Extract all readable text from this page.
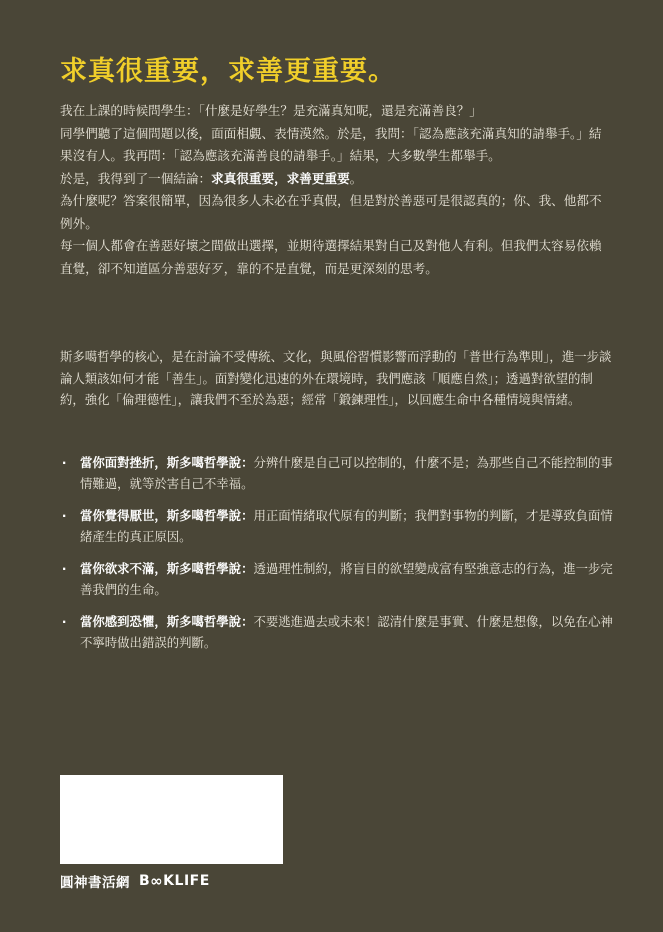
求真很重要，求善更重要。

我在上課的時候問學生：「什麼是好學生？是充滿真知呢，還是充滿善良？」

同學們聽了這個問題以後，面面相覷、表情漠然。於是，我問：「認為應該充滿真知的請舉手。」結果沒有人。我再問：「認為應該充滿善良的請舉手。」結果，大多數學生都舉手。

於是，我得到了一個結論：求真很重要，求善更重要。

為什麼呢？答案很簡單，因為很多人未必在乎真假，但是對於善惡可是很認真的；你、我、他都不例外。

每一個人都會在善惡好壞之間做出選擇，並期待選擇結果對自己及對他人有利。但我們太容易依賴直覺，卻不知道區分善惡好歹，靠的不是直覺，而是更深刻的思考。

斯多噶哲學的核心，是在討論不受傳統、文化，與風俗習慣影響而浮動的「普世行為準則」，進一步談論人類該如何才能「善生」。面對變化迅速的外在環境時，我們應該「順應自然」；透過對欲望的制約，強化「倫理德性」，讓我們不至於為惡；經常「鍛鍊理性」，以回應生命中各種情境與情緒。

‧ 當你面對挫折，斯多噶哲學說：分辨什麼是自己可以控制的，什麼不是；為那些自己不能控制的事情難過，就等於害自己不幸福。
‧ 當你覺得厭世，斯多噶哲學說：用正面情緒取代原有的判斷；我們對事物的判斷，才是導致負面情緒產生的真正原因。
‧ 當你欲求不滿，斯多噶哲學說：透過理性制約，將盲目的欲望變成富有堅強意志的行為，進一步完善我們的生命。
‧ 當你感到恐懼，斯多噶哲學說：不要逃進過去或未來！認清什麼是事實、什麼是想像，以免在心神不寧時做出錯誤的判斷。
圓神書活網 B ∞ KLIFE
